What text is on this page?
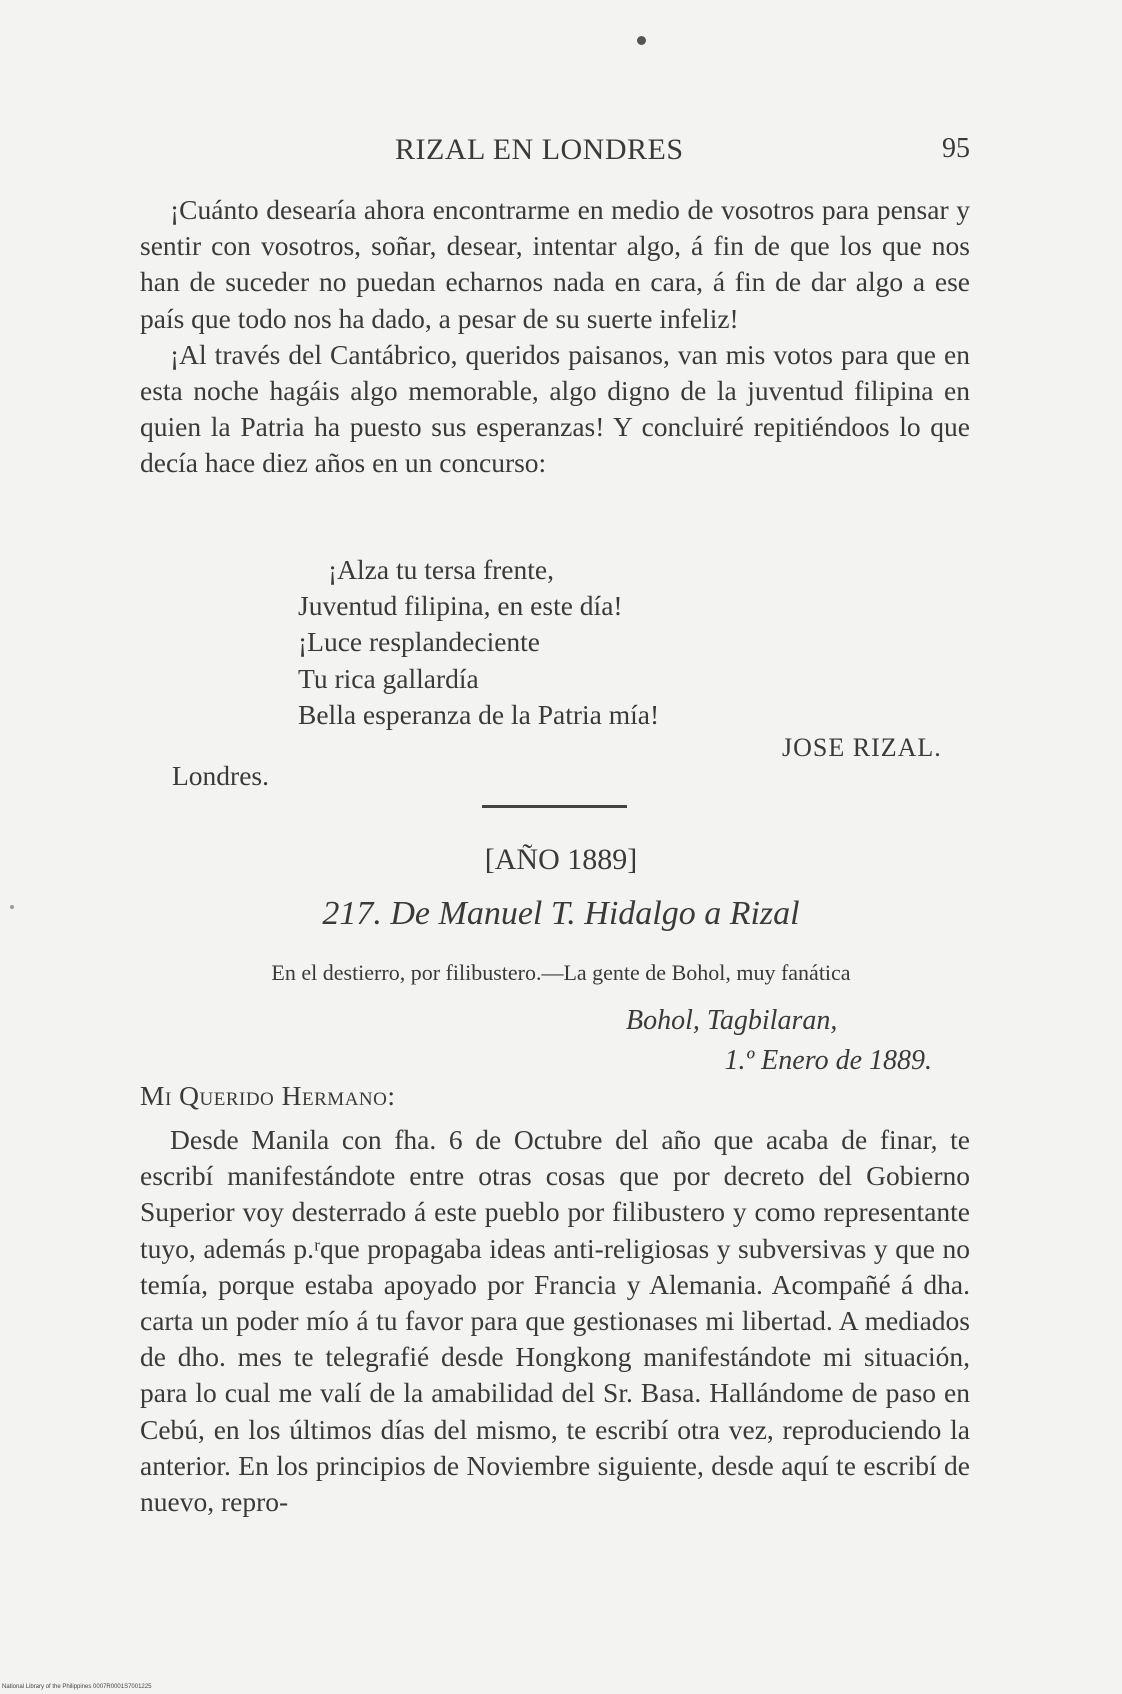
RIZAL EN LONDRES	95

¡Cuánto desearía ahora encontrarme en medio de vosotros para pensar y sentir con vosotros, soñar, desear, intentar algo, á fin de que los que nos han de suceder no puedan echarnos nada en cara, á fin de dar algo a ese país que todo nos ha dado, a pesar de su suerte infeliz!

¡Al través del Cantábrico, queridos paisanos, van mis votos para que en esta noche hagáis algo memorable, algo digno de la juventud filipina en quien la Patria ha puesto sus esperanzas! Y concluiré repitiéndoos lo que decía hace diez años en un concurso:

¡Alza tu tersa frente,
Juventud filipina, en este día!
¡Luce resplandeciente
Tu rica gallardía
Bella esperanza de la Patria mía!
JOSE RIZAL.
Londres.
[AÑO 1889]
217. De Manuel T. Hidalgo a Rizal
En el destierro, por filibustero.—La gente de Bohol, muy fanática
Bohol, Tagbilaran,
1.º Enero de 1889.
Mi Querido Hermano:

Desde Manila con fha. 6 de Octubre del año que acaba de finar, te escribí manifestándote entre otras cosas que por decreto del Gobierno Superior voy desterrado á este pueblo por filibustero y como representante tuyo, además p.ʳque propagaba ideas anti-religiosas y subversivas y que no temía, porque estaba apoyado por Francia y Alemania. Acompañé á dha. carta un poder mío á tu favor para que gestionases mi libertad. A mediados de dho. mes te telegrafié desde Hongkong manifestándote mi situación, para lo cual me valí de la amabilidad del Sr. Basa. Hallándome de paso en Cebú, en los últimos días del mismo, te escribí otra vez, reproduciendo la anterior. En los principios de Noviembre siguiente, desde aquí te escribí de nuevo, repro-

National Library of the Philippines 0007R0001S7001225
